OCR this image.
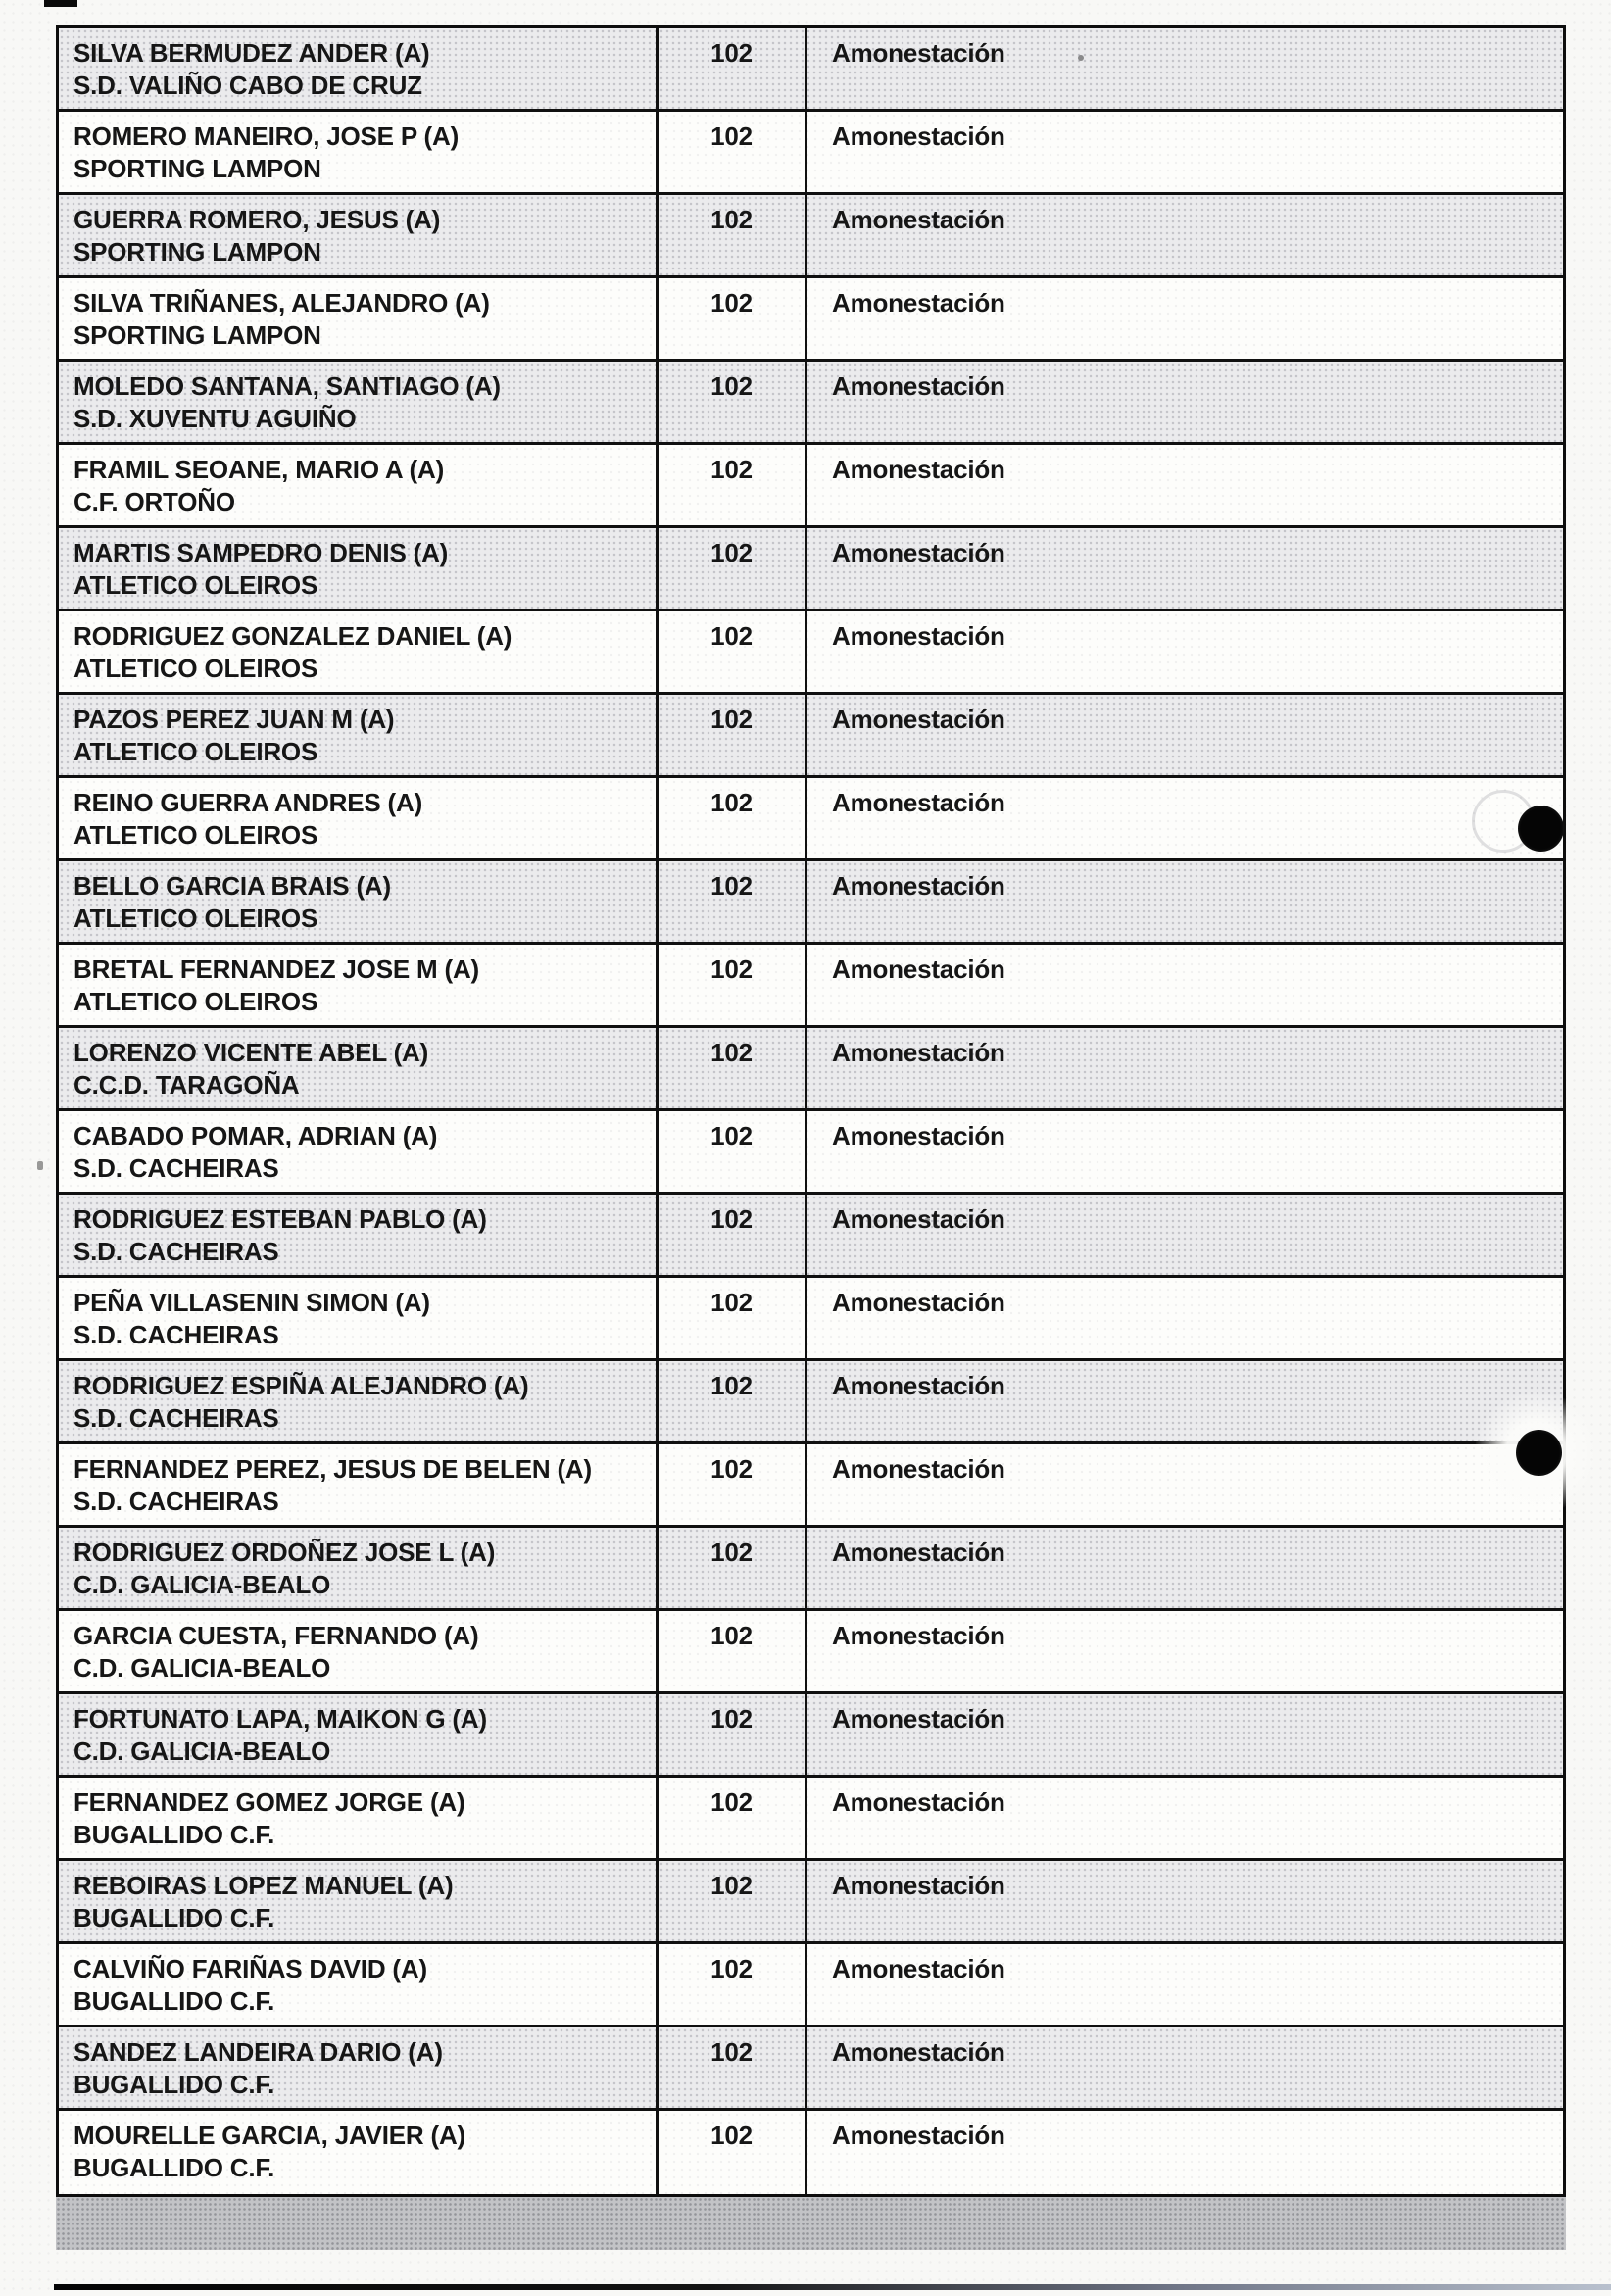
SILVA BERMUDEZ ANDER (A)
S.D. VALIÑO CABO DE CRUZ
102	Amonestación
ROMERO MANEIRO, JOSE P (A)
SPORTING LAMPON
102	Amonestación
GUERRA ROMERO, JESUS (A)
SPORTING LAMPON
102	Amonestación
SILVA TRIÑANES, ALEJANDRO (A)
SPORTING LAMPON
102	Amonestación
MOLEDO SANTANA, SANTIAGO (A)
S.D. XUVENTU AGUIÑO
102	Amonestación
FRAMIL SEOANE, MARIO A (A)
C.F. ORTOÑO
102	Amonestación
MARTIS SAMPEDRO DENIS (A)
ATLETICO OLEIROS
102	Amonestación
RODRIGUEZ GONZALEZ DANIEL (A)
ATLETICO OLEIROS
102	Amonestación
PAZOS PEREZ JUAN M (A)
ATLETICO OLEIROS
102	Amonestación
REINO GUERRA ANDRES (A)
ATLETICO OLEIROS
102	Amonestación
BELLO GARCIA BRAIS (A)
ATLETICO OLEIROS
102	Amonestación
BRETAL FERNANDEZ JOSE M (A)
ATLETICO OLEIROS
102	Amonestación
LORENZO VICENTE ABEL (A)
C.C.D. TARAGOÑA
102	Amonestación
CABADO POMAR, ADRIAN (A)
S.D. CACHEIRAS
102	Amonestación
RODRIGUEZ ESTEBAN PABLO (A)
S.D. CACHEIRAS
102	Amonestación
PEÑA VILLASENIN SIMON (A)
S.D. CACHEIRAS
102	Amonestación
RODRIGUEZ ESPIÑA ALEJANDRO (A)
S.D. CACHEIRAS
102	Amonestación
FERNANDEZ PEREZ, JESUS DE BELEN (A)
S.D. CACHEIRAS
102	Amonestación
RODRIGUEZ ORDOÑEZ JOSE L (A)
C.D. GALICIA-BEALO
102	Amonestación
GARCIA CUESTA, FERNANDO (A)
C.D. GALICIA-BEALO
102	Amonestación
FORTUNATO LAPA, MAIKON G (A)
C.D. GALICIA-BEALO
102	Amonestación
FERNANDEZ GOMEZ JORGE (A)
BUGALLIDO C.F.
102	Amonestación
REBOIRAS LOPEZ MANUEL (A)
BUGALLIDO C.F.
102	Amonestación
CALVIÑO FARIÑAS DAVID (A)
BUGALLIDO C.F.
102	Amonestación
SANDEZ LANDEIRA DARIO (A)
BUGALLIDO C.F.
102	Amonestación
MOURELLE GARCIA, JAVIER (A)
BUGALLIDO C.F.
102	Amonestación
